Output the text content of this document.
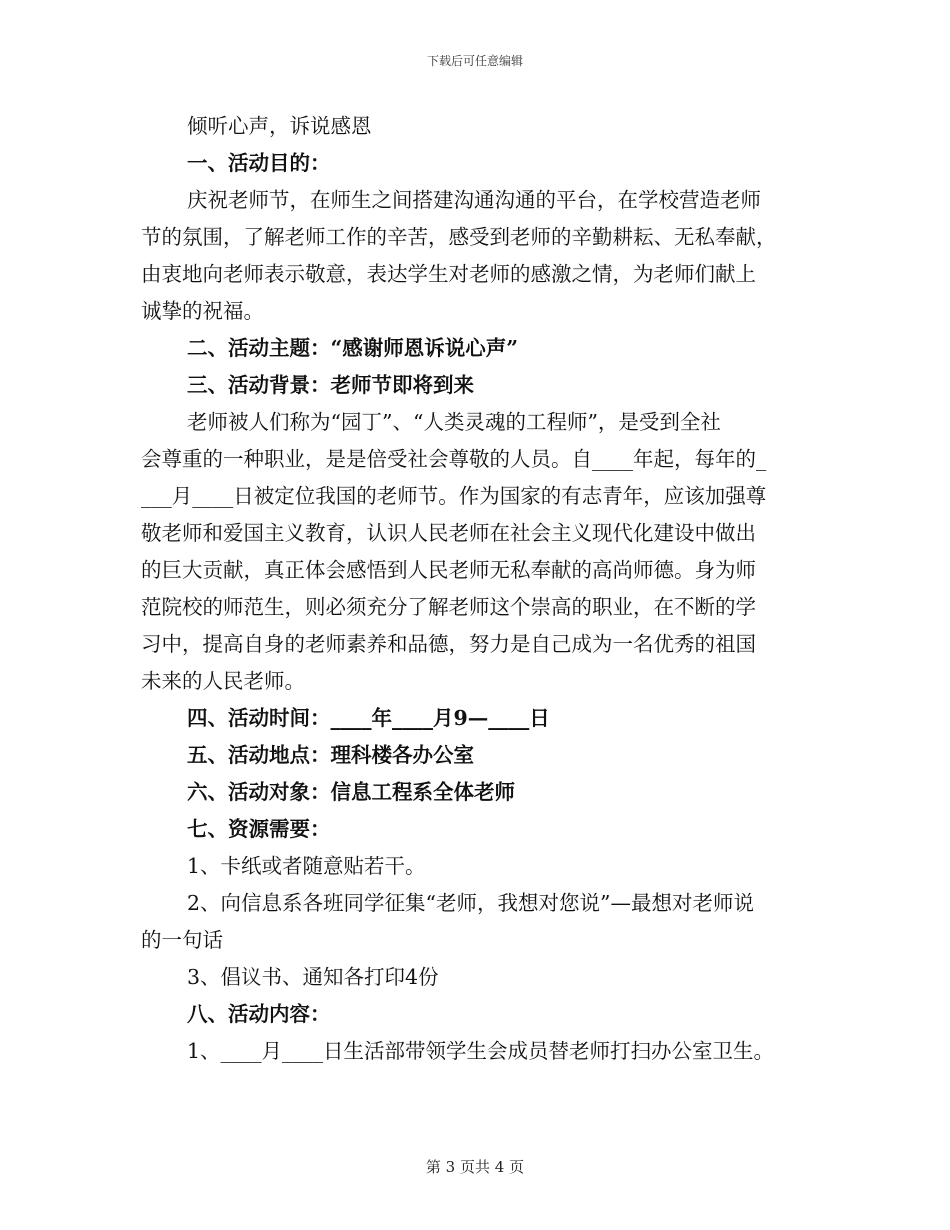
下载后可任意编辑
倾听心声，诉说感恩
一、活动目的：
庆祝老师节，在师生之间搭建沟通沟通的平台，在学校营造老师
节的氛围，了解老师工作的辛苦，感受到老师的辛勤耕耘、无私奉献，
由衷地向老师表示敬意，表达学生对老师的感激之情，为老师们献上
诚挚的祝福。
二、活动主题：“感谢师恩诉说心声”
三、活动背景：老师节即将到来
老师被人们称为“园丁”、“人类灵魂的工程师”，是受到全社
会尊重的一种职业，是是倍受社会尊敬的人员。自____年起，每年的_
___月____日被定位我国的老师节。作为国家的有志青年，应该加强尊
敬老师和爱国主义教育，认识人民老师在社会主义现代化建设中做出
的巨大贡献，真正体会感悟到人民老师无私奉献的高尚师德。身为师
范院校的师范生，则必须充分了解老师这个崇高的职业，在不断的学
习中，提高自身的老师素养和品德，努力是自己成为一名优秀的祖国
未来的人民老师。
四、活动时间：____年____月9—____日
五、活动地点：理科楼各办公室
六、活动对象：信息工程系全体老师
七、资源需要：
1、卡纸或者随意贴若干。
2、向信息系各班同学征集“老师，我想对您说”—最想对老师说
的一句话
3、倡议书、通知各打印4份
八、活动内容：
1、____月____日生活部带领学生会成员替老师打扫办公室卫生。
第 3 页共 4 页
